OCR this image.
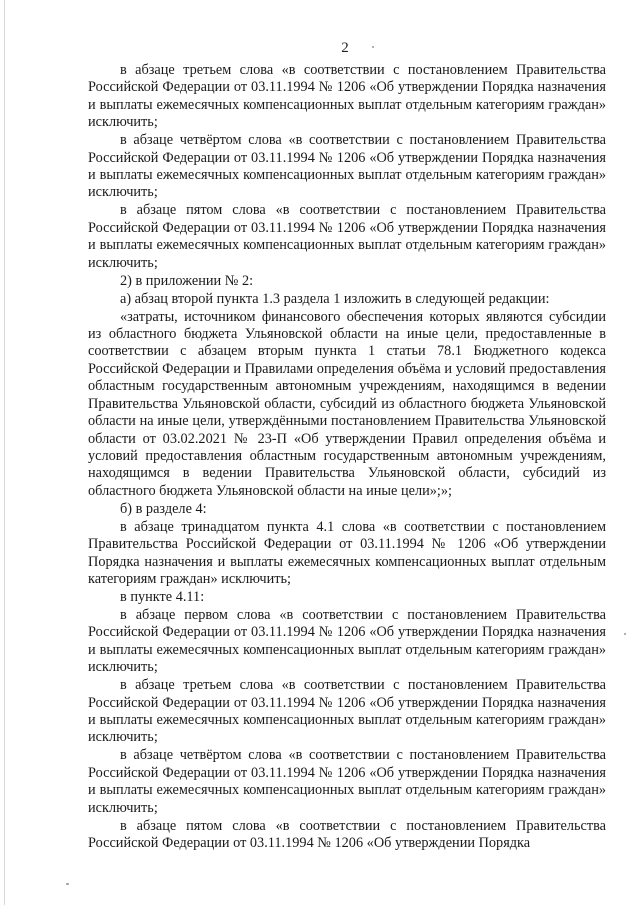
2

в абзаце третьем слова «в соответствии с постановлением Правительства Российской Федерации от 03.11.1994 № 1206 «Об утверждении Порядка назначения и выплаты ежемесячных компенсационных выплат отдельным категориям граждан» исключить;

в абзаце четвёртом слова «в соответствии с постановлением Правительства Российской Федерации от 03.11.1994 № 1206 «Об утверждении Порядка назначения и выплаты ежемесячных компенсационных выплат отдельным категориям граждан» исключить;

в абзаце пятом слова «в соответствии с постановлением Правительства Российской Федерации от 03.11.1994 № 1206 «Об утверждении Порядка назначения и выплаты ежемесячных компенсационных выплат отдельным категориям граждан» исключить;

2) в приложении № 2:

а) абзац второй пункта 1.3 раздела 1 изложить в следующей редакции:

«затраты, источником финансового обеспечения которых являются субсидии из областного бюджета Ульяновской области на иные цели, предоставленные в соответствии с абзацем вторым пункта 1 статьи 78.1 Бюджетного кодекса Российской Федерации и Правилами определения объёма и условий предоставления областным государственным автономным учреждениям, находящимся в ведении Правительства Ульяновской области, субсидий из областного бюджета Ульяновской области на иные цели, утверждёнными постановлением Правительства Ульяновской области от 03.02.2021 № 23-П «Об утверждении Правил определения объёма и условий предоставления областным государственным автономным учреждениям, находящимся в ведении Правительства Ульяновской области, субсидий из областного бюджета Ульяновской области на иные цели»;»;

б) в разделе 4:

в абзаце тринадцатом пункта 4.1 слова «в соответствии с постановлением Правительства Российской Федерации от 03.11.1994 № 1206 «Об утверждении Порядка назначения и выплаты ежемесячных компенсационных выплат отдельным категориям граждан» исключить;

в пункте 4.11:

в абзаце первом слова «в соответствии с постановлением Правительства Российской Федерации от 03.11.1994 № 1206 «Об утверждении Порядка назначения и выплаты ежемесячных компенсационных выплат отдельным категориям граждан» исключить;

в абзаце третьем слова «в соответствии с постановлением Правительства Российской Федерации от 03.11.1994 № 1206 «Об утверждении Порядка назначения и выплаты ежемесячных компенсационных выплат отдельным категориям граждан» исключить;

в абзаце четвёртом слова «в соответствии с постановлением Правительства Российской Федерации от 03.11.1994 № 1206 «Об утверждении Порядка назначения и выплаты ежемесячных компенсационных выплат отдельным категориям граждан» исключить;

в абзаце пятом слова «в соответствии с постановлением Правительства Российской Федерации от 03.11.1994 № 1206 «Об утверждении Порядка
